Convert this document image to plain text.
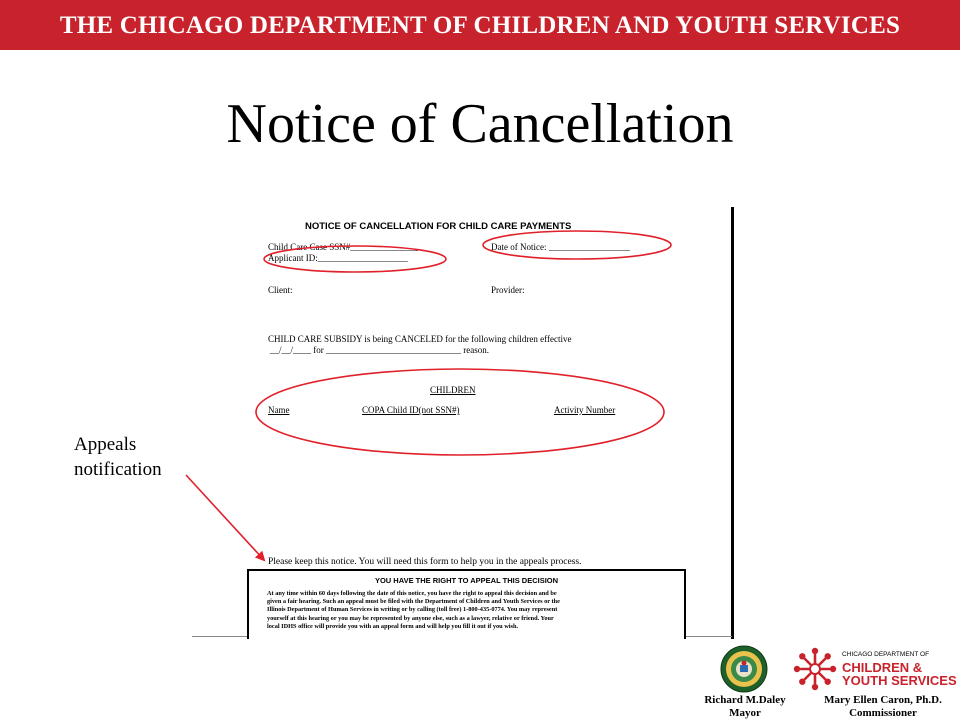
THE CHICAGO DEPARTMENT OF CHILDREN AND YOUTH SERVICES
Notice of Cancellation
Appeals
notification
NOTICE OF CANCELLATION FOR CHILD CARE PAYMENTS
Child Care Case SSN#_______________
Applicant ID:____________________
Date of Notice: __________________
Client:	Provider:
CHILD CARE SUBSIDY is being CANCELED for the following children effective
__/__/____ for ______________________________ reason.
CHILDREN
Name	COPA Child ID(not SSN#)	Activity Number
Please keep this notice. You will need this form to help you in the appeals process.
YOU HAVE THE RIGHT TO APPEAL THIS DECISION
At any time within 60 days following the date of this notice, you have the right to appeal this decision and be
given a fair hearing. Such an appeal must be filed with the Department of Children and Youth Services or the
Illinois Department of Human Services in writing or by calling (toll free) 1-800-435-0774. You may represent
yourself at this hearing or you may be represented by anyone else, such as a lawyer, relative or friend. Your
local IDHS office will provide you with an appeal form and will help you fill it out if you wish.
Richard M.Daley
Mayor
CHICAGO DEPARTMENT OF
CHILDREN &
YOUTH SERVICES
Mary Ellen Caron, Ph.D.
Commissioner
